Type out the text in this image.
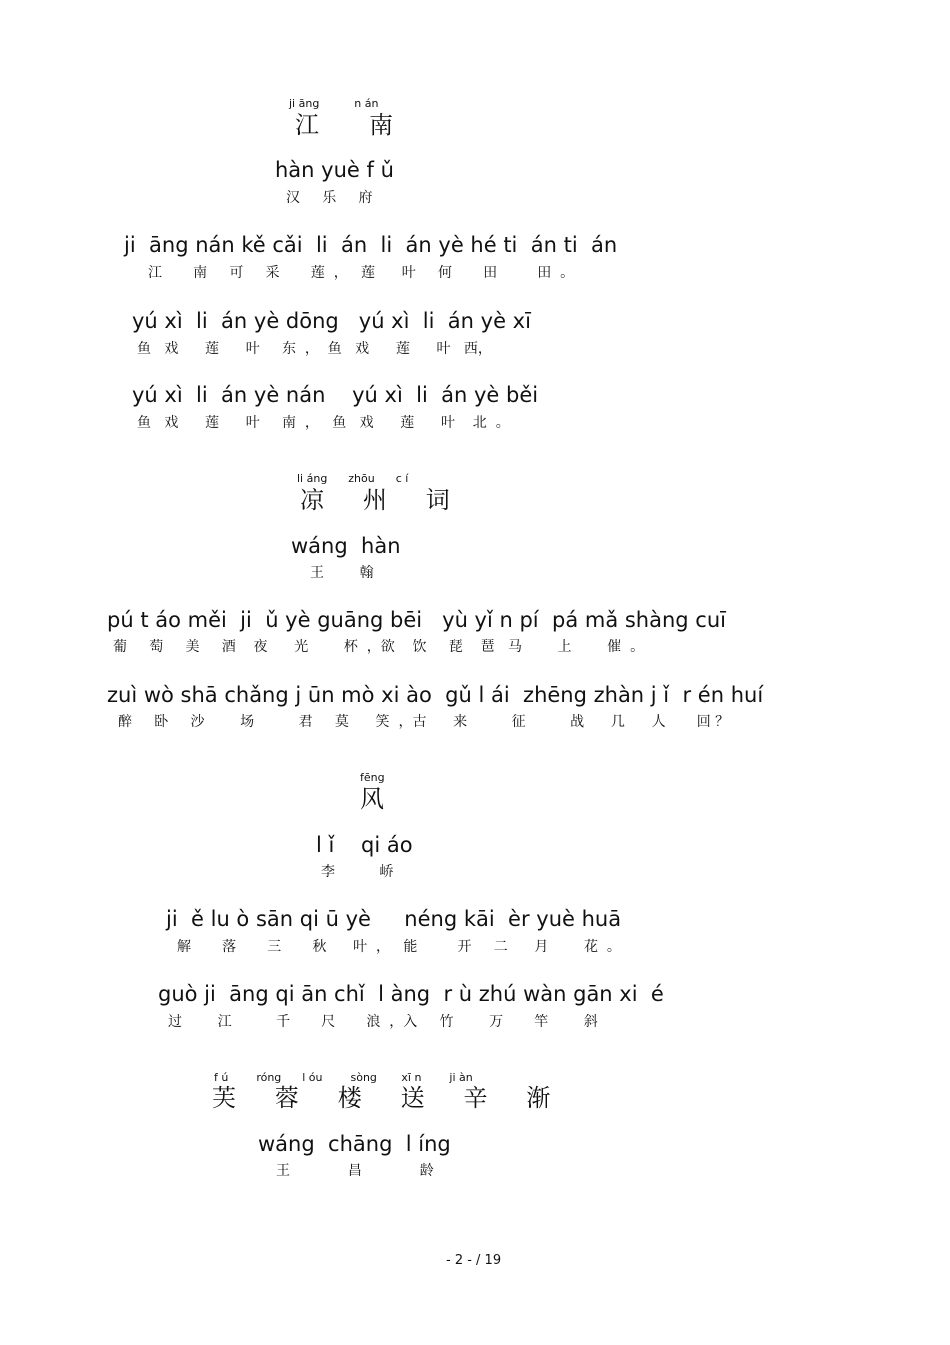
ji āng          n án
江     南
hàn yuè f ǔ
汉     乐     府
ji  āng nán kě cǎi  li  án  li  án yè hé ti  án ti  án
江       南     可     采       莲  ，   莲      叶     何       田         田  。
yú xì  li  án yè dōng   yú xì  li  án yè xī
鱼   戏      莲      叶     东  ，  鱼   戏      莲      叶   西，
yú xì  li  án yè nán    yú xì  li  án yè běi
鱼   戏      莲      叶     南  ，   鱼   戏      莲      叶    北  。
li áng      zhōu      c í
凉   州   词
wáng  hàn
王        翰
pú t áo měi  ji  ǔ yè guāng bēi   yù yǐ n pí  pá mǎ shàng cuī
葡     萄     美     酒    夜      光        杯  ，欲    饮     琵    琶   马        上        催  。
zuì wò shā chǎng j ūn mò xi ào  gǔ l ái  zhēng zhàn j ǐ  r én huí
醉     卧     沙        场          君     莫      笑  ，古      来          征          战      几      人       回 ？
fēng
风
l ǐ    qi áo
李          峤
ji  ě lu ò sān qi ū yè     néng kāi  èr yuè huā
解       落       三       秋      叶  ，   能         开     二      月        花  。
guò ji  āng qi ān chǐ  l àng  r ù zhú wàn gān xi  é
过        江          千       尺       浪  ，入     竹        万       竿        斜
f ú        róng      l óu        sòng       xī n        ji àn
芙   蓉   楼   送   辛   渐
wáng  chāng  l íng
王             昌             龄
- 2 - / 19
